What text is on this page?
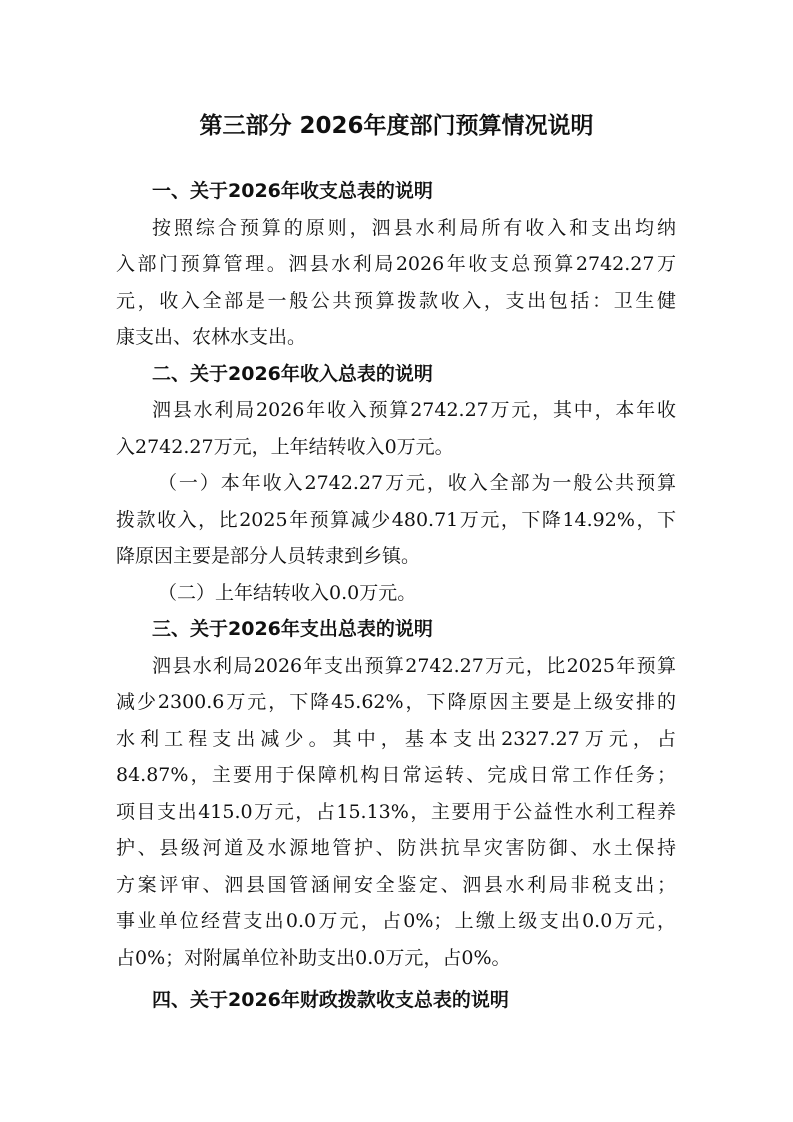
第三部分 2026年度部门预算情况说明
一、关于2026年收支总表的说明
按照综合预算的原则，泗县水利局所有收入和支出均纳
入部门预算管理。泗县水利局2026年收支总预算2742.27万
元，收入全部是一般公共预算拨款收入，支出包括：卫生健
康支出、农林水支出。
二、关于2026年收入总表的说明
泗县水利局2026年收入预算2742.27万元，其中，本年收
入2742.27万元，上年结转收入0万元。
（一）本年收入2742.27万元，收入全部为一般公共预算
拨款收入，比2025年预算减少480.71万元，下降14.92%，下
降原因主要是部分人员转隶到乡镇。
（二）上年结转收入0.0万元。
三、关于2026年支出总表的说明
泗县水利局2026年支出预算2742.27万元，比2025年预算
减少2300.6万元，下降45.62%，下降原因主要是上级安排的
水利工程支出减少。其中，基本支出2327.27万元，占
84.87%，主要用于保障机构日常运转、完成日常工作任务；
项目支出415.0万元，占15.13%，主要用于公益性水利工程养
护、县级河道及水源地管护、防洪抗旱灾害防御、水土保持
方案评审、泗县国管涵闸安全鉴定、泗县水利局非税支出；
事业单位经营支出0.0万元，占0%；上缴上级支出0.0万元，
占0%；对附属单位补助支出0.0万元，占0%。
四、关于2026年财政拨款收支总表的说明
